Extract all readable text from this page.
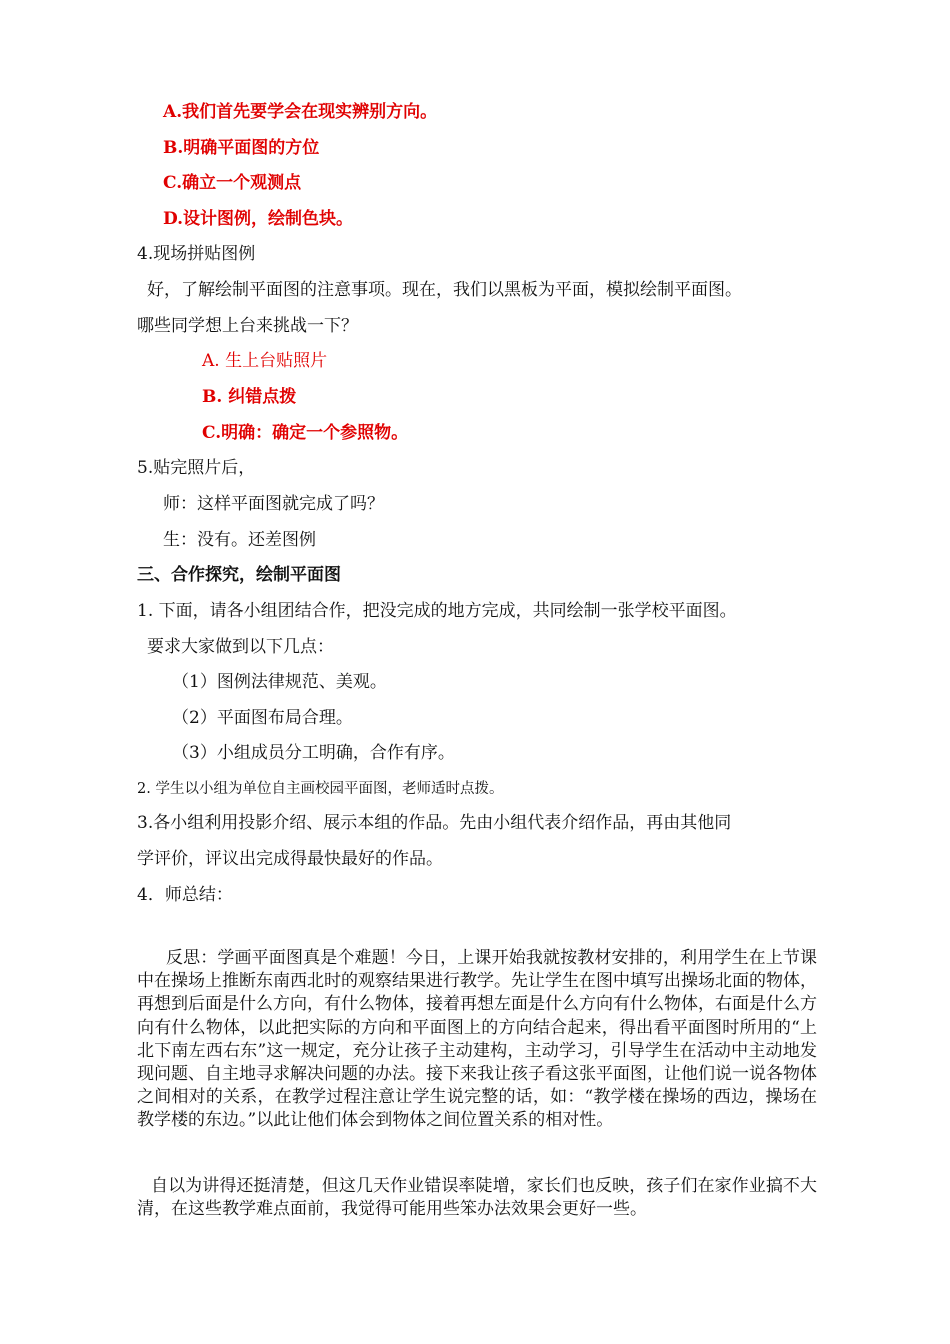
A.我们首先要学会在现实辨别方向。
B.明确平面图的方位
C.确立一个观测点
D.设计图例，绘制色块。
4.现场拼贴图例
好，了解绘制平面图的注意事项。现在，我们以黑板为平面，模拟绘制平面图。
哪些同学想上台来挑战一下？
A. 生上台贴照片
B. 纠错点拨
C.明确：确定一个参照物。
5.贴完照片后，
师：这样平面图就完成了吗？
生：没有。还差图例
三、合作探究，绘制平面图
1. 下面，请各小组团结合作，把没完成的地方完成，共同绘制一张学校平面图。
要求大家做到以下几点：
（1）图例法律规范、美观。
（2）平面图布局合理。
（3）小组成员分工明确，合作有序。
2. 学生以小组为单位自主画校园平面图，老师适时点拨。
3.各小组利用投影介绍、展示本组的作品。先由小组代表介绍作品，再由其他同
学评价，评议出完成得最快最好的作品。
4．师总结：
反思：学画平面图真是个难题！今日，上课开始我就按教材安排的，利用学生在上节课中在操场上推断东南西北时的观察结果进行教学。先让学生在图中填写出操场北面的物体，再想到后面是什么方向，有什么物体，接着再想左面是什么方向有什么物体，右面是什么方向有什么物体，以此把实际的方向和平面图上的方向结合起来，得出看平面图时所用的“上北下南左西右东”这一规定，充分让孩子主动建构，主动学习，引导学生在活动中主动地发现问题、自主地寻求解决问题的办法。接下来我让孩子看这张平面图，让他们说一说各物体之间相对的关系，在教学过程注意让学生说完整的话，如：“教学楼在操场的西边，操场在教学楼的东边。”以此让他们体会到物体之间位置关系的相对性。
自以为讲得还挺清楚，但这几天作业错误率陡增，家长们也反映，孩子们在家作业搞不大清，在这些教学难点面前，我觉得可能用些笨办法效果会更好一些。
